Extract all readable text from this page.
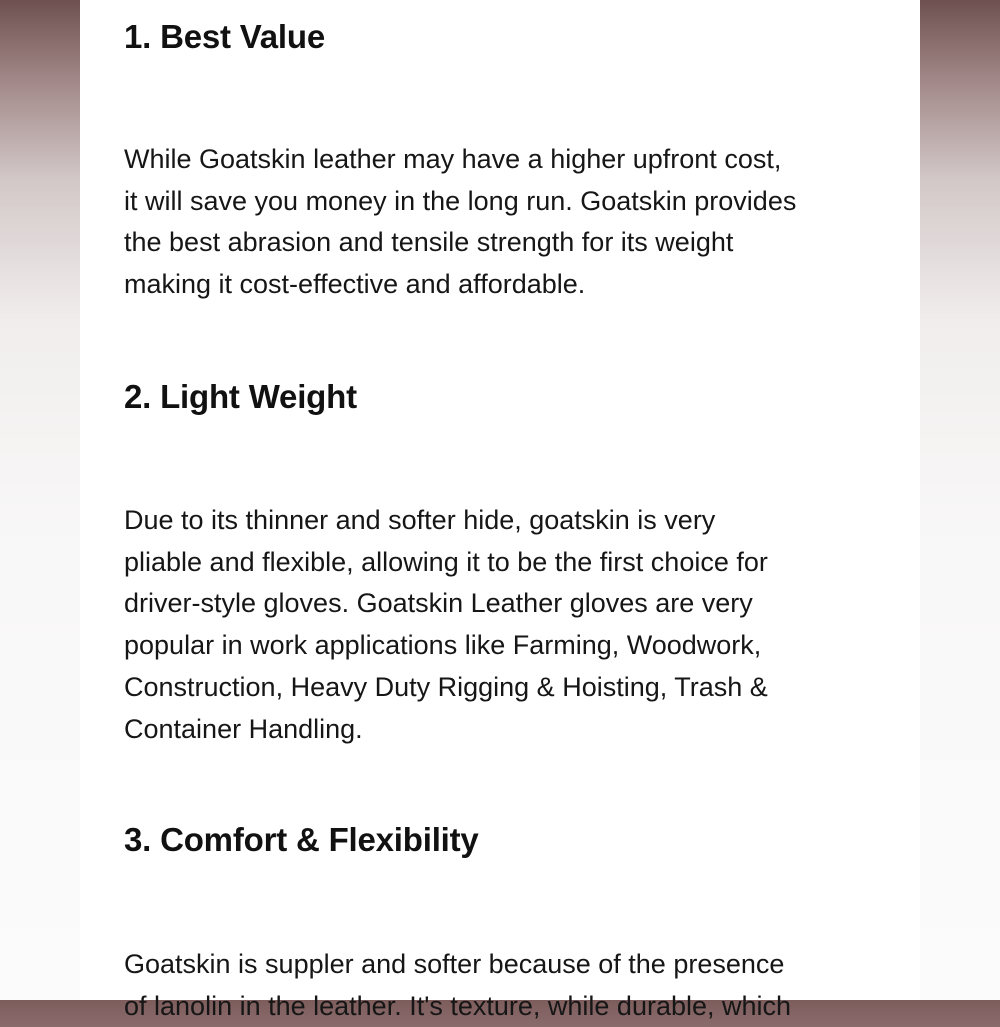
1. Best Value

While Goatskin leather may have a higher upfront cost,
it will save you money in the long run. Goatskin provides
the best abrasion and tensile strength for its weight
making it cost-effective and affordable.

2. Light Weight

Due to its thinner and softer hide, goatskin is very
pliable and flexible, allowing it to be the first choice for
driver-style gloves. Goatskin Leather gloves are very
popular in work applications like Farming, Woodwork,
Construction, Heavy Duty Rigging & Hoisting, Trash &
Container Handling.

3. Comfort & Flexibility

Goatskin is suppler and softer because of the presence
of lanolin in the leather. It's texture, while durable, which
